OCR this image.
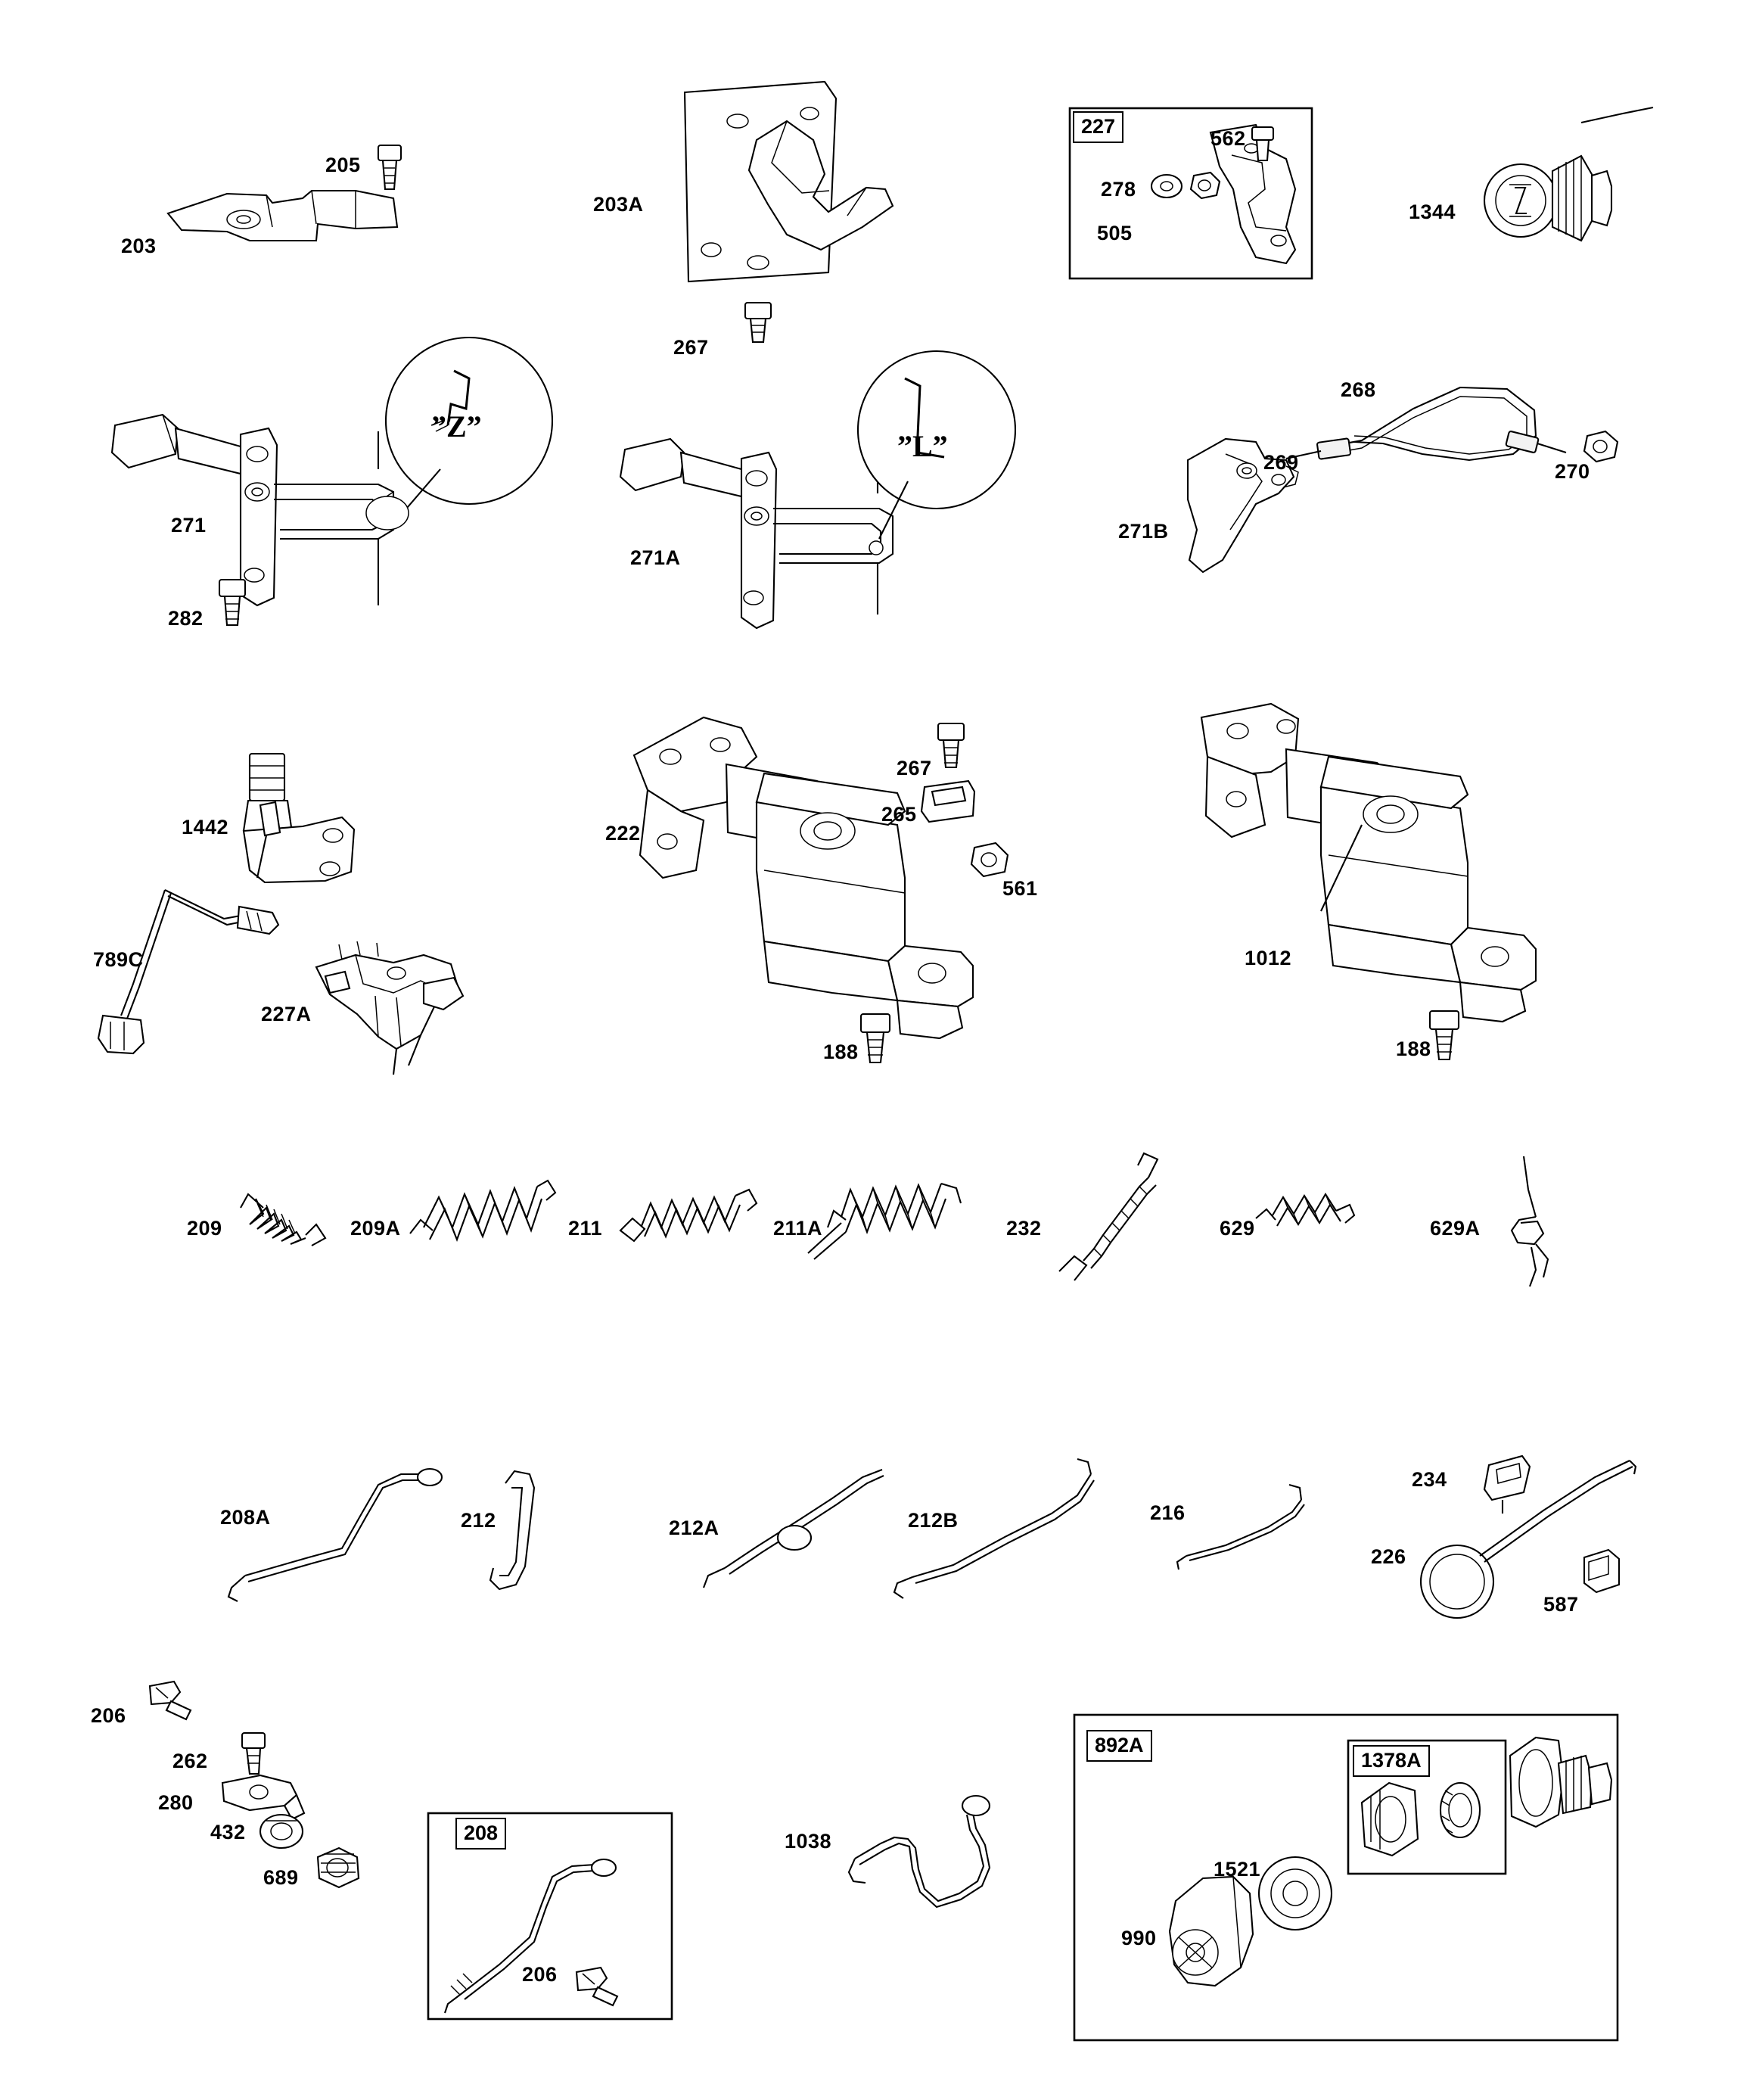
205
203
203A
267
227
562
278
505
1344
271
282
271A
268
269	270
271B
”Z”
”L”
1442
789C
227A
222
267
265
561
188
1012
188
209	209A	211	211A	232	629	629A
208A	212	212A	212B	216
234
226
587
206
262
280
432
689
208
206
1038
892A
1378A
1521
990
